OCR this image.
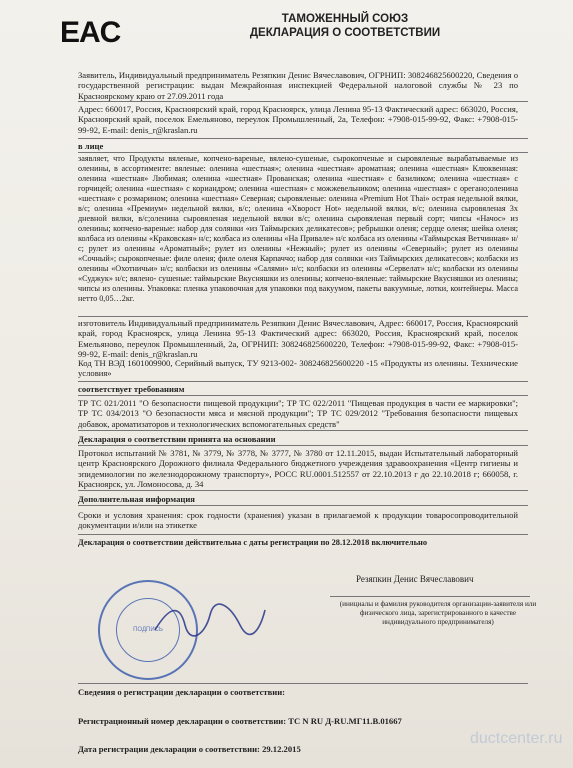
EAC	ТАМОЖЕННЫЙ СОЮЗ
ДЕКЛАРАЦИЯ О СООТВЕТСТВИИ
Заявитель, Индивидуальный предприниматель Резяпкин Денис Вячеславович, ОГРНИП: 308246825600220, Сведения о государственной регистрации: выдан Межрайонная инспекцией Федеральной налоговой службы № 23 по Красноярскому краю от 27.09.2011 года
Адрес: 660017, Россия, Красноярский край, город Красноярск, улица Ленина 95-13 Фактический адрес: 663020, Россия, Красноярский край, поселок Емельяново, переулок Промышленный, 2а, Телефон: +7908-015-99-92, Факс: +7908-015-99-92, E-mail: denis_r@kraslan.ru
в лице
заявляет, что Продукты вяленые, копчено-вареные, вялено-сушеные, сырокопченые и сыровяленые вырабатываемые из оленины, в ассортименте: вяленые: оленина «шестная»; оленина «шестная» ароматная; оленина «шестная» Клюквенная: оленина «шестная» Любимая; оленина «шестная» Прованская; оленина «шестная» с базиликом; оленина «шестная» с горчицей; оленина «шестная» с кориандром; оленина «шестная» с можжевельником; оленина «шестная» с орегано;оленина «шестная» с розмарином; оленина «шестная» Северная; сыровяленые: оленина «Premium Hot Thai» острая недельной вялки, в/с; оленина «Премиум» недельной вялки, в/с; оленина «Хворост Hot» недельной вялки, в/с; оленина сыровяленая 3х дневной вялки, в/с;оленина сыровяленая недельной вялки в/с; оленина сыровяленая первый сорт; чипсы «Начос» из оленины; копчено-вареные: набор для солянки «из Таймырских деликатесов»; ребрышки оленя; сердце оленя; шейка оленя; колбаса из оленины «Краковская» н/с; колбаса из оленины «На Привале» н/с колбаса из оленины «Таймырская Ветчинная» н/с; рулет из оленины «Ароматный»; рулет из оленины «Нежный»; рулет из оленины «Северный»; рулет из оленины «Сочный»; сырокопченые: филе оленя; филе оленя Карпаччо; набор для солянки «из Таймырских деликатесов»; колбаски из оленины «Охотничьи» н/с; колбаски из оленины «Салями» н/с; колбаски из оленины «Сервелат» н/с; колбаски из оленины «Суджук» н/с; вялено- сушеные: таймырские Вкусняшки из оленины; копчено-вяленые: таймырские Вкусняшки из оленины; чипсы из оленины. Упаковка: пленка упаковочная для упаковки под вакуумом, пакеты вакуумные, лотки, контейнеры. Масса нетто 0,05…2кг.
изготовитель Индивидуальный предприниматель Резяпкин Денис Вячеславович, Адрес: 660017, Россия, Красноярский край, город Красноярск, улица Ленина 95-13 Фактический адрес: 663020, Россия, Красноярский край, поселок Емельяново, переулок Промышленный, 2а, ОГРНИП: 308246825600220, Телефон: +7908-015-99-92, Факс: +7908-015-99-92, E-mail: denis_r@kraslan.ru
Код ТН ВЭД 1601009900, Серийный выпуск, ТУ 9213-002- 308246825600220 -15 «Продукты из оленины. Технические условия»
соответствует требованиям
ТР ТС 021/2011 "О безопасности пищевой продукции"; ТР ТС 022/2011 "Пищевая продукция в части ее маркировки"; ТР ТС 034/2013 "О безопасности мяса и мясной продукции"; ТР ТС 029/2012 "Требования безопасности пищевых добавок, ароматизаторов и технологических вспомогательных средств"
Декларация о соответствии принята на основании
Протокол испытаний № 3781, № 3779, № 3778, № 3777, № 3780 от 12.11.2015, выдан Испытательный лабораторный центр Красноярского Дорожного филиала Федерального бюджетного учреждения здравоохранения «Центр гигиены и эпидемиологии по железнодорожному транспорту», РОСС RU.0001.512557 от 22.10.2013 г до 22.10.2018 г; 660058, г. Красноярск, ул. Ломоносова, д. 34
Дополнительная информация
Сроки и условия хранения: срок годности (хранения) указан в прилагаемой к продукции товаросопроводительной документации и/или на этикетке
Декларация о соответствии действительна с даты регистрации по 28.12.2018 включительно
ПОДПИСЬ
Резяпкин Денис Вячеславович
(инициалы и фамилия руководителя организации-заявителя или физического лица, зарегистрированного в качестве индивидуального предпринимателя)
Сведения о регистрации декларации о соответствии:
Регистрационный номер декларации о соответствии: ТС N RU Д-RU.МГ11.В.01667
Дата регистрации декларации о соответствии: 29.12.2015
ductcenter.ru
